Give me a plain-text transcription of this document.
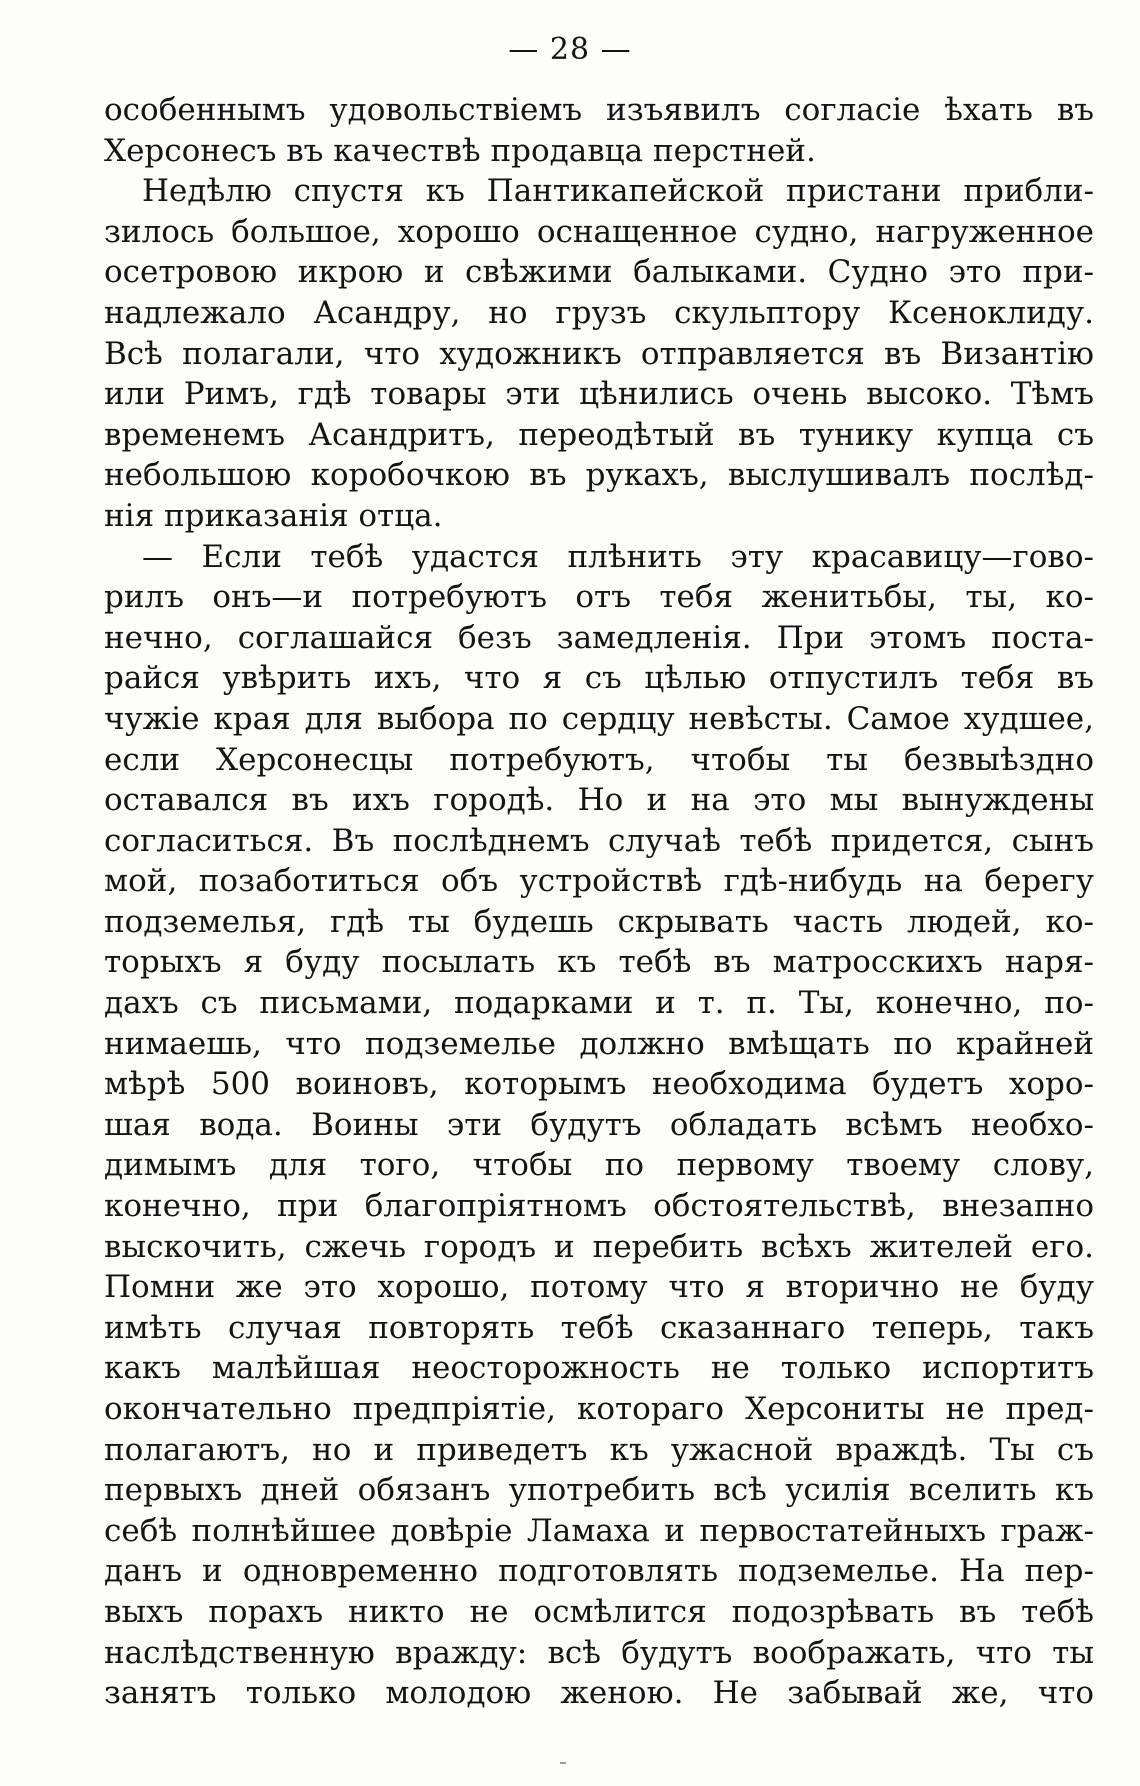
— 28 —
особеннымъ удовольствіемъ изъявилъ согласіе ѣхать въ
Херсонесъ въ качествѣ продавца перстней.
Недѣлю спустя къ Пантикапейской пристани прибли-
зилось большое, хорошо оснащенное судно, нагруженное
осетровою икрою и свѣжими балыками. Судно это при-
надлежало Асандру, но грузъ скульптору Ксеноклиду.
Всѣ полагали, что художникъ отправляется въ Византію
или Римъ, гдѣ товары эти цѣнились очень высоко. Тѣмъ
временемъ Асандритъ, переодѣтый въ тунику купца съ
небольшою коробочкою въ рукахъ, выслушивалъ послѣд-
нія приказанія отца.
— Если тебѣ удастся плѣнить эту красавицу—гово-
рилъ онъ—и потребуютъ отъ тебя женитьбы, ты, ко-
нечно, соглашайся безъ замедленія. При этомъ поста-
райся увѣрить ихъ, что я съ цѣлью отпустилъ тебя въ
чужіе края для выбора по сердцу невѣсты. Самое худшее,
если Херсонесцы потребуютъ, чтобы ты безвыѣздно
оставался въ ихъ городѣ. Но и на это мы вынуждены
согласиться. Въ послѣднемъ случаѣ тебѣ придется, сынъ
мой, позаботиться объ устройствѣ гдѣ-нибудь на берегу
подземелья, гдѣ ты будешь скрывать часть людей, ко-
торыхъ я буду посылать къ тебѣ въ матросскихъ наря-
дахъ съ письмами, подарками и т. п. Ты, конечно, по-
нимаешь, что подземелье должно вмѣщать по крайней
мѣрѣ 500 воиновъ, которымъ необходима будетъ хоро-
шая вода. Воины эти будутъ обладать всѣмъ необхо-
димымъ для того, чтобы по первому твоему слову,
конечно, при благопріятномъ обстоятельствѣ, внезапно
выскочить, сжечь городъ и перебить всѣхъ жителей его.
Помни же это хорошо, потому что я вторично не буду
имѣть случая повторять тебѣ сказаннаго теперь, такъ
какъ малѣйшая неосторожность не только испортитъ
окончательно предпріятіе, котораго Херсониты не пред-
полагаютъ, но и приведетъ къ ужасной враждѣ. Ты съ
первыхъ дней обязанъ употребить всѣ усилія вселить къ
себѣ полнѣйшее довѣріе Ламаха и первостатейныхъ граж-
данъ и одновременно подготовлять подземелье. На пер-
выхъ порахъ никто не осмѣлится подозрѣвать въ тебѣ
наслѣдственную вражду: всѣ будутъ воображать, что ты
занятъ только молодою женою. Не забывай же, что
